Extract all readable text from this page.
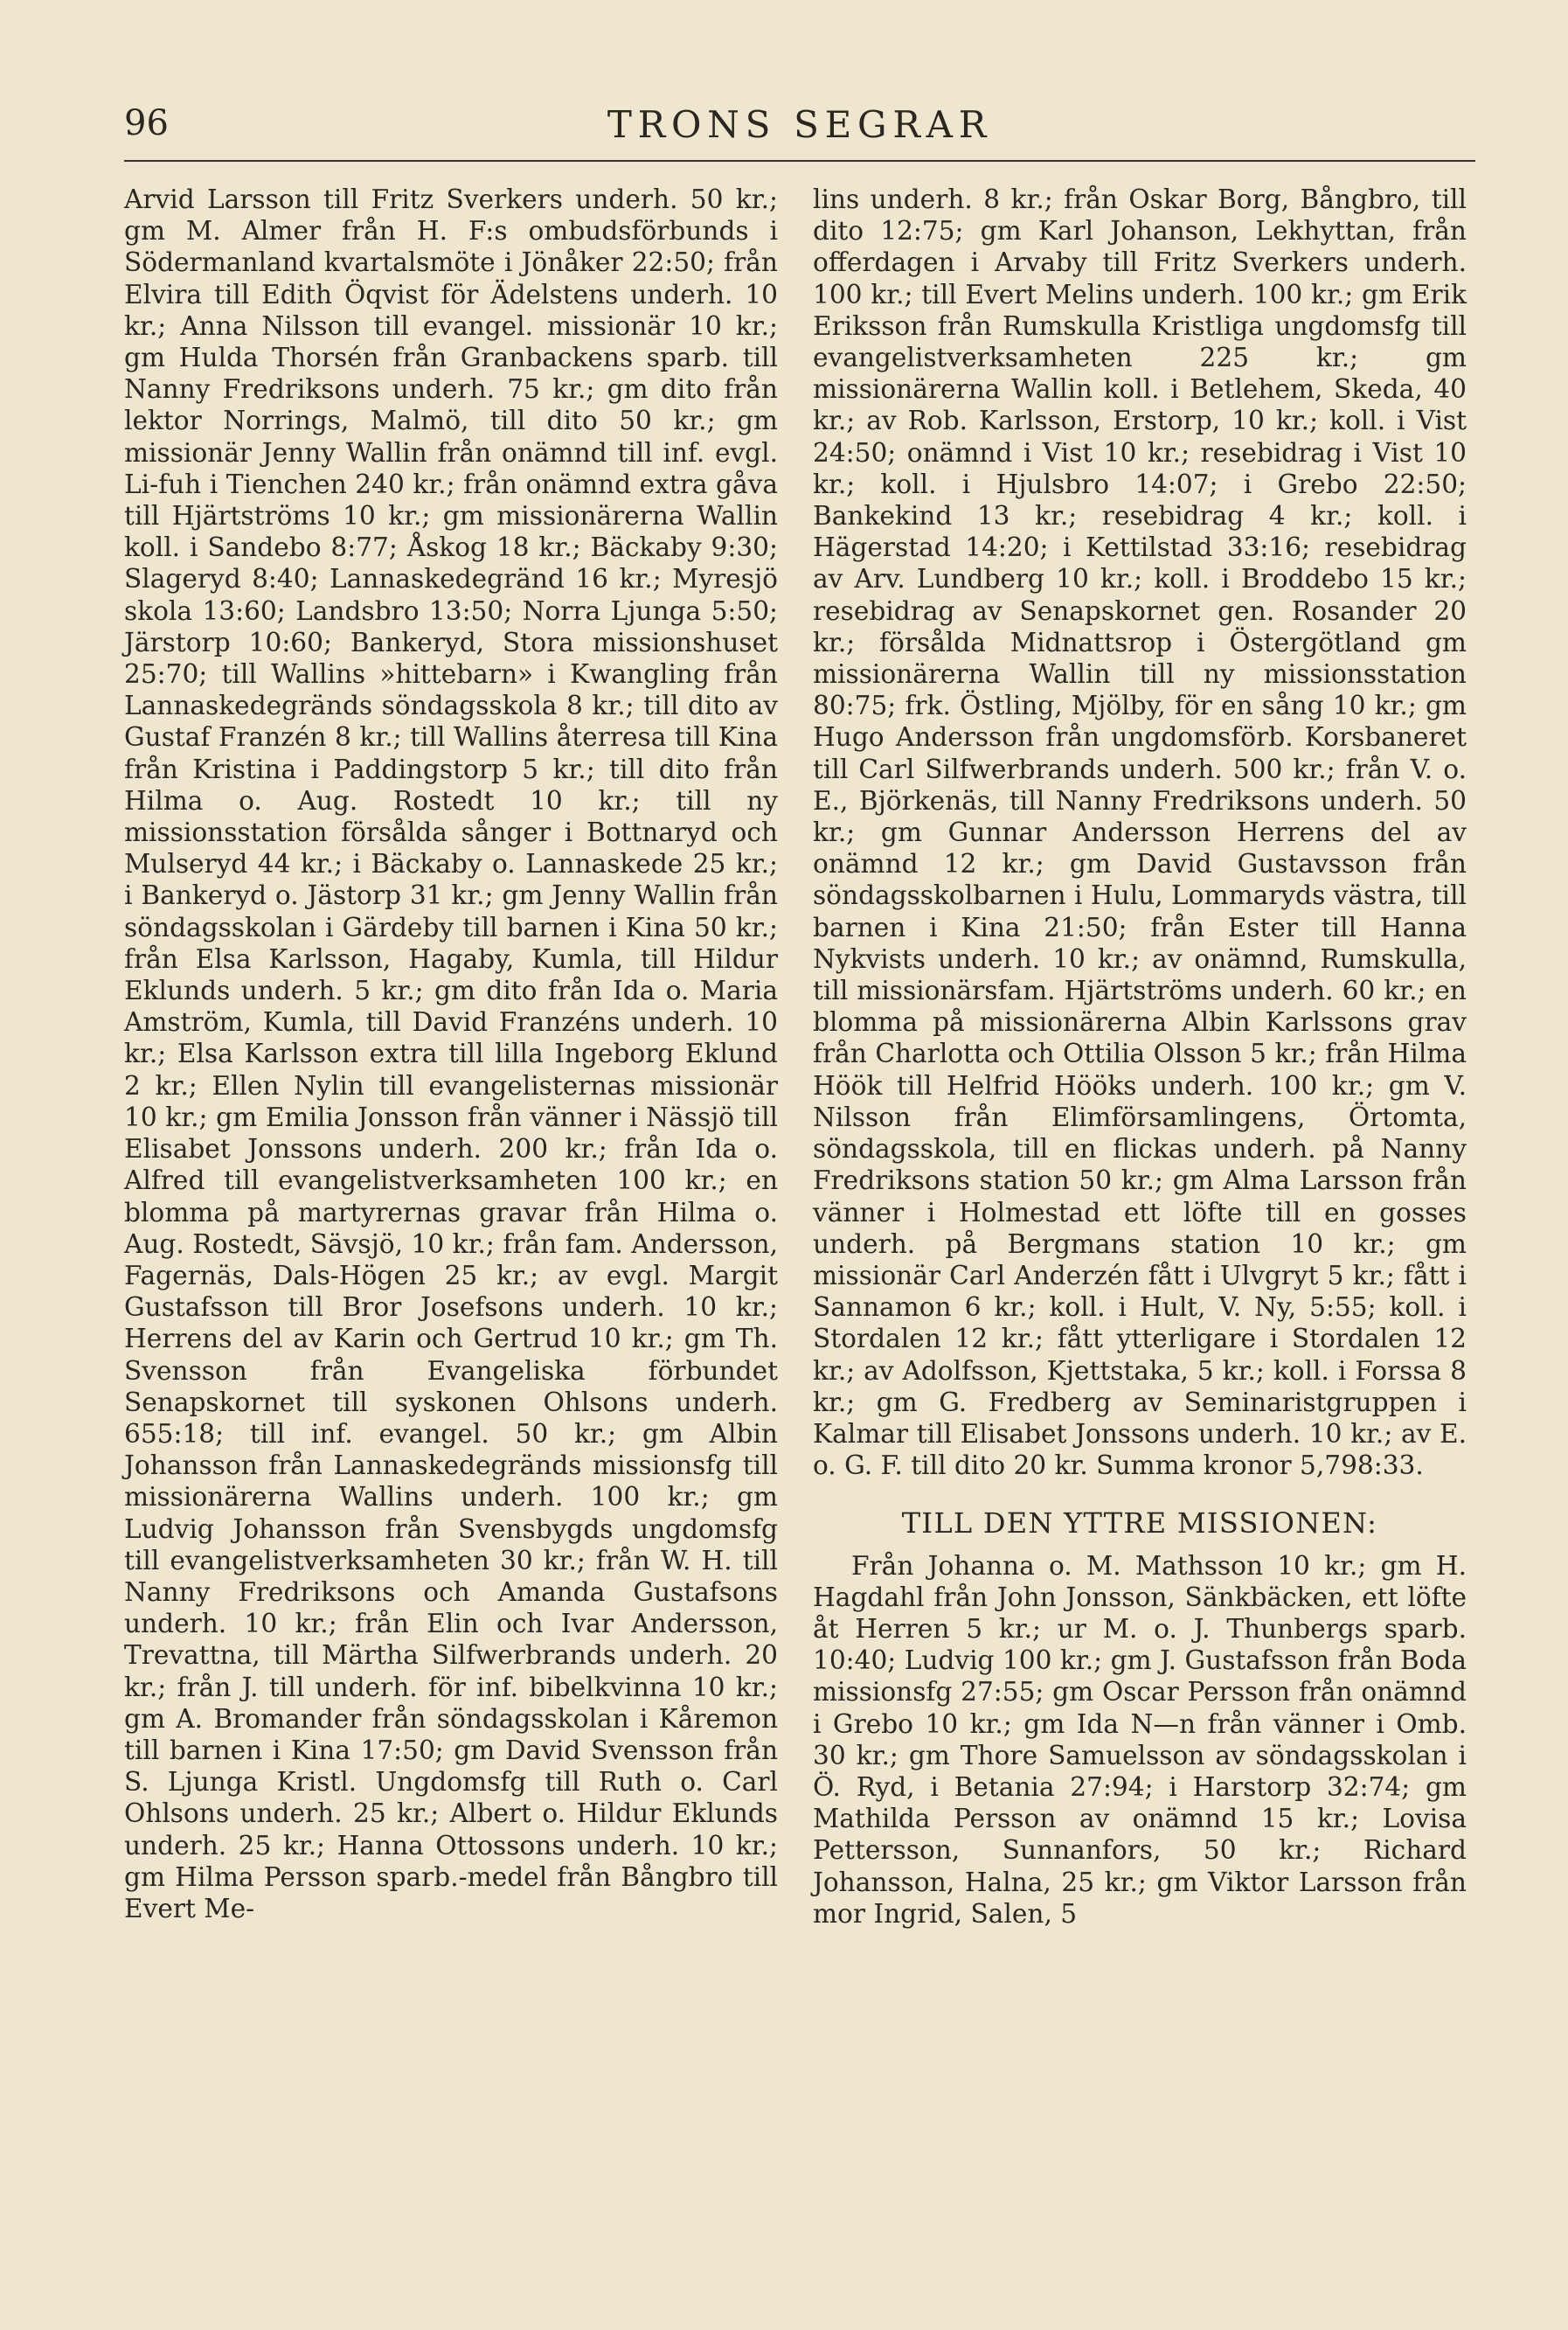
96	TRONS SEGRAR

Arvid Larsson till Fritz Sverkers underh. 50 kr.; gm M. Almer från H. F:s ombudsförbunds i Södermanland kvartalsmöte i Jönåker 22:50; från Elvira till Edith Öqvist för Ädelstens underh. 10 kr.; Anna Nilsson till evangel. missionär 10 kr.; gm Hulda Thorsén från Granbackens sparb. till Nanny Fredriksons underh. 75 kr.; gm dito från lektor Norrings, Malmö, till dito 50 kr.; gm missionär Jenny Wallin från onämnd till inf. evgl. Li-fuh i Tienchen 240 kr.; från onämnd extra gåva till Hjärtströms 10 kr.; gm missionärerna Wallin koll. i Sandebo 8:77; Åskog 18 kr.; Bäckaby 9:30; Slageryd 8:40; Lannaskedegränd 16 kr.; Myresjö skola 13:60; Landsbro 13:50; Norra Ljunga 5:50; Järstorp 10:60; Bankeryd, Stora missionshuset 25:70; till Wallins »hittebarn» i Kwangling från Lannaskedegränds söndagsskola 8 kr.; till dito av Gustaf Franzén 8 kr.; till Wallins återresa till Kina från Kristina i Paddingstorp 5 kr.; till dito från Hilma o. Aug. Rostedt 10 kr.; till ny missionsstation försålda sånger i Bottnaryd och Mulseryd 44 kr.; i Bäckaby o. Lannaskede 25 kr.; i Bankeryd o. Jästorp 31 kr.; gm Jenny Wallin från söndagsskolan i Gärdeby till barnen i Kina 50 kr.; från Elsa Karlsson, Hagaby, Kumla, till Hildur Eklunds underh. 5 kr.; gm dito från Ida o. Maria Amström, Kumla, till David Franzéns underh. 10 kr.; Elsa Karlsson extra till lilla Ingeborg Eklund 2 kr.; Ellen Nylin till evangelisternas missionär 10 kr.; gm Emilia Jonsson från vänner i Nässjö till Elisabet Jonssons underh. 200 kr.; från Ida o. Alfred till evangelistverksamheten 100 kr.; en blomma på martyrernas gravar från Hilma o. Aug. Rostedt, Sävsjö, 10 kr.; från fam. Andersson, Fagernäs, Dals-Högen 25 kr.; av evgl. Margit Gustafsson till Bror Josefsons underh. 10 kr.; Herrens del av Karin och Gertrud 10 kr.; gm Th. Svensson från Evangeliska förbundet Senapskornet till syskonen Ohlsons underh. 655:18; till inf. evangel. 50 kr.; gm Albin Johansson från Lannaskedegränds missionsfg till missionärerna Wallins underh. 100 kr.; gm Ludvig Johansson från Svensbygds ungdomsfg till evangelistverksamheten 30 kr.; från W. H. till Nanny Fredriksons och Amanda Gustafsons underh. 10 kr.; från Elin och Ivar Andersson, Trevattna, till Märtha Silfwerbrands underh. 20 kr.; från J. till underh. för inf. bibelkvinna 10 kr.; gm A. Bromander från söndagsskolan i Kåremon till barnen i Kina 17:50; gm David Svensson från S. Ljunga Kristl. Ungdomsfg till Ruth o. Carl Ohlsons underh. 25 kr.; Albert o. Hildur Eklunds underh. 25 kr.; Hanna Ottossons underh. 10 kr.; gm Hilma Persson sparb.-medel från Bångbro till Evert Me-

lins underh. 8 kr.; från Oskar Borg, Bångbro, till dito 12:75; gm Karl Johanson, Lekhyttan, från offerdagen i Arvaby till Fritz Sverkers underh. 100 kr.; till Evert Melins underh. 100 kr.; gm Erik Eriksson från Rumskulla Kristliga ungdomsfg till evangelistverksamheten 225 kr.; gm missionärerna Wallin koll. i Betlehem, Skeda, 40 kr.; av Rob. Karlsson, Erstorp, 10 kr.; koll. i Vist 24:50; onämnd i Vist 10 kr.; resebidrag i Vist 10 kr.; koll. i Hjulsbro 14:07; i Grebo 22:50; Bankekind 13 kr.; resebidrag 4 kr.; koll. i Hägerstad 14:20; i Kettilstad 33:16; resebidrag av Arv. Lundberg 10 kr.; koll. i Broddebo 15 kr.; resebidrag av Senapskornet gen. Rosander 20 kr.; försålda Midnattsrop i Östergötland gm missionärerna Wallin till ny missionsstation 80:75; frk. Östling, Mjölby, för en sång 10 kr.; gm Hugo Andersson från ungdomsförb. Korsbaneret till Carl Silfwerbrands underh. 500 kr.; från V. o. E., Björkenäs, till Nanny Fredriksons underh. 50 kr.; gm Gunnar Andersson Herrens del av onämnd 12 kr.; gm David Gustavsson från söndagsskolbarnen i Hulu, Lommaryds västra, till barnen i Kina 21:50; från Ester till Hanna Nykvists underh. 10 kr.; av onämnd, Rumskulla, till missionärsfam. Hjärtströms underh. 60 kr.; en blomma på missionärerna Albin Karlssons grav från Charlotta och Ottilia Olsson 5 kr.; från Hilma Höök till Helfrid Hööks underh. 100 kr.; gm V. Nilsson från Elimförsamlingens, Örtomta, söndagsskola, till en flickas underh. på Nanny Fredriksons station 50 kr.; gm Alma Larsson från vänner i Holmestad ett löfte till en gosses underh. på Bergmans station 10 kr.; gm missionär Carl Anderzén fått i Ulvgryt 5 kr.; fått i Sannamon 6 kr.; koll. i Hult, V. Ny, 5:55; koll. i Stordalen 12 kr.; fått ytterligare i Stordalen 12 kr.; av Adolfsson, Kjettstaka, 5 kr.; koll. i Forssa 8 kr.; gm G. Fredberg av Seminaristgruppen i Kalmar till Elisabet Jonssons underh. 10 kr.; av E. o. G. F. till dito 20 kr. Summa kronor 5,798:33.

TILL DEN YTTRE MISSIONEN:

Från Johanna o. M. Mathsson 10 kr.; gm H. Hagdahl från John Jonsson, Sänkbäcken, ett löfte åt Herren 5 kr.; ur M. o. J. Thunbergs sparb. 10:40; Ludvig 100 kr.; gm J. Gustafsson från Boda missionsfg 27:55; gm Oscar Persson från onämnd i Grebo 10 kr.; gm Ida N—n från vänner i Omb. 30 kr.; gm Thore Samuelsson av söndagsskolan i Ö. Ryd, i Betania 27:94; i Harstorp 32:74; gm Mathilda Persson av onämnd 15 kr.; Lovisa Pettersson, Sunnanfors, 50 kr.; Richard Johansson, Halna, 25 kr.; gm Viktor Larsson från mor Ingrid, Salen, 5
